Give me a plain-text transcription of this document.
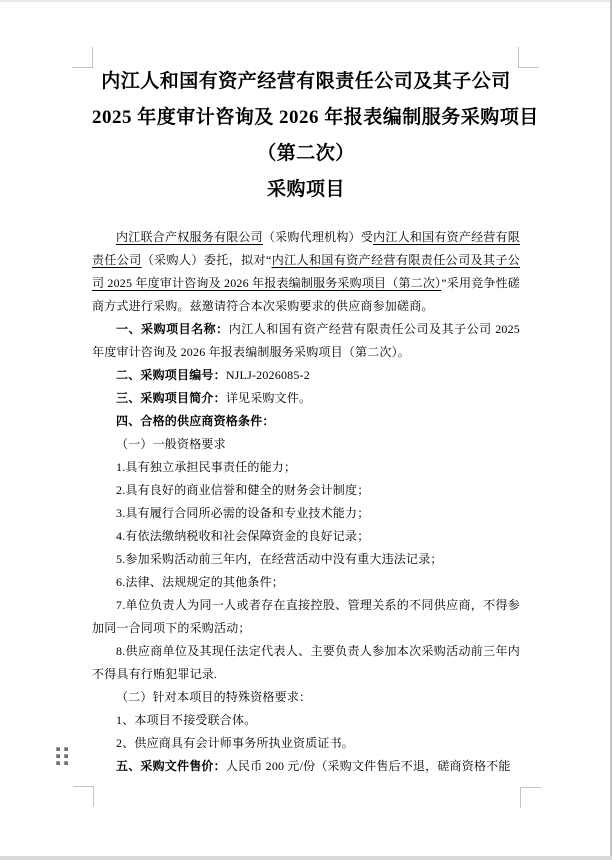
内江人和国有资产经营有限责任公司及其子公司
2025 年度审计咨询及 2026 年报表编制服务采购项目
（第二次）
采购项目

内江联合产权服务有限公司（采购代理机构）受内江人和国有资产经营有限责任公司（采购人）委托，拟对“内江人和国有资产经营有限责任公司及其子公司 2025 年度审计咨询及 2026 年报表编制服务采购项目（第二次）”采用竞争性磋商方式进行采购。兹邀请符合本次采购要求的供应商参加磋商。

一、采购项目名称：内江人和国有资产经营有限责任公司及其子公司 2025 年度审计咨询及 2026 年报表编制服务采购项目（第二次）。

二、采购项目编号：NJLJ-2026085-2

三、采购项目简介：详见采购文件。

四、合格的供应商资格条件：

（一）一般资格要求

1.具有独立承担民事责任的能力；

2.具有良好的商业信誉和健全的财务会计制度；

3.具有履行合同所必需的设备和专业技术能力；

4.有依法缴纳税收和社会保障资金的良好记录；

5.参加采购活动前三年内，在经营活动中没有重大违法记录；

6.法律、法规规定的其他条件；

7.单位负责人为同一人或者存在直接控股、管理关系的不同供应商，不得参加同一合同项下的采购活动；

8.供应商单位及其现任法定代表人、主要负责人参加本次采购活动前三年内不得具有行贿犯罪记录.

（二）针对本项目的特殊资格要求：

1、本项目不接受联合体。

2、供应商具有会计师事务所执业资质证书。

五、采购文件售价：人民币 200 元/份（采购文件售后不退，磋商资格不能
